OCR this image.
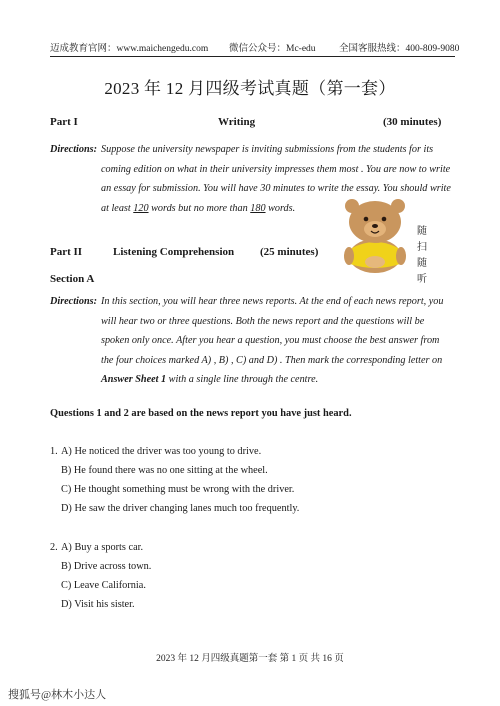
迈成教育官网：www.maichengedu.com 微信公众号：Mc-edu 全国客服热线：400-809-9080
2023 年 12 月四级考试真题（第一套）
Part I	Writing	(30 minutes)
Directions: Suppose the university newspaper is inviting submissions from the students for its
coming edition on what in their university impresses them most . You are now to write
an essay for submission. You will have 30 minutes to write the essay. You should write
at least 120 words but no more than 180 words.
随
扫
随
听
Part II	Listening Comprehension (25 minutes)
Section A
Directions: In this section, you will hear three news reports. At the end of each news report, you
will hear two or three questions. Both the news report and the questions will be
spoken only once. After you hear a question, you must choose the best answer from
the four choices marked A) , B) , C) and D) . Then mark the corresponding letter on
Answer Sheet 1 with a single line through the centre.
Questions 1 and 2 are based on the news report you have just heard.
1. A) He noticed the driver was too young to drive.
B) He found there was no one sitting at the wheel.
C) He thought something must be wrong with the driver.
D) He saw the driver changing lanes much too frequently.
2. A) Buy a sports car.
B) Drive across town.
C) Leave California.
D) Visit his sister.
2023 年 12 月四级真题第一套 第 1 页 共 16 页
搜狐号@林木小达人
